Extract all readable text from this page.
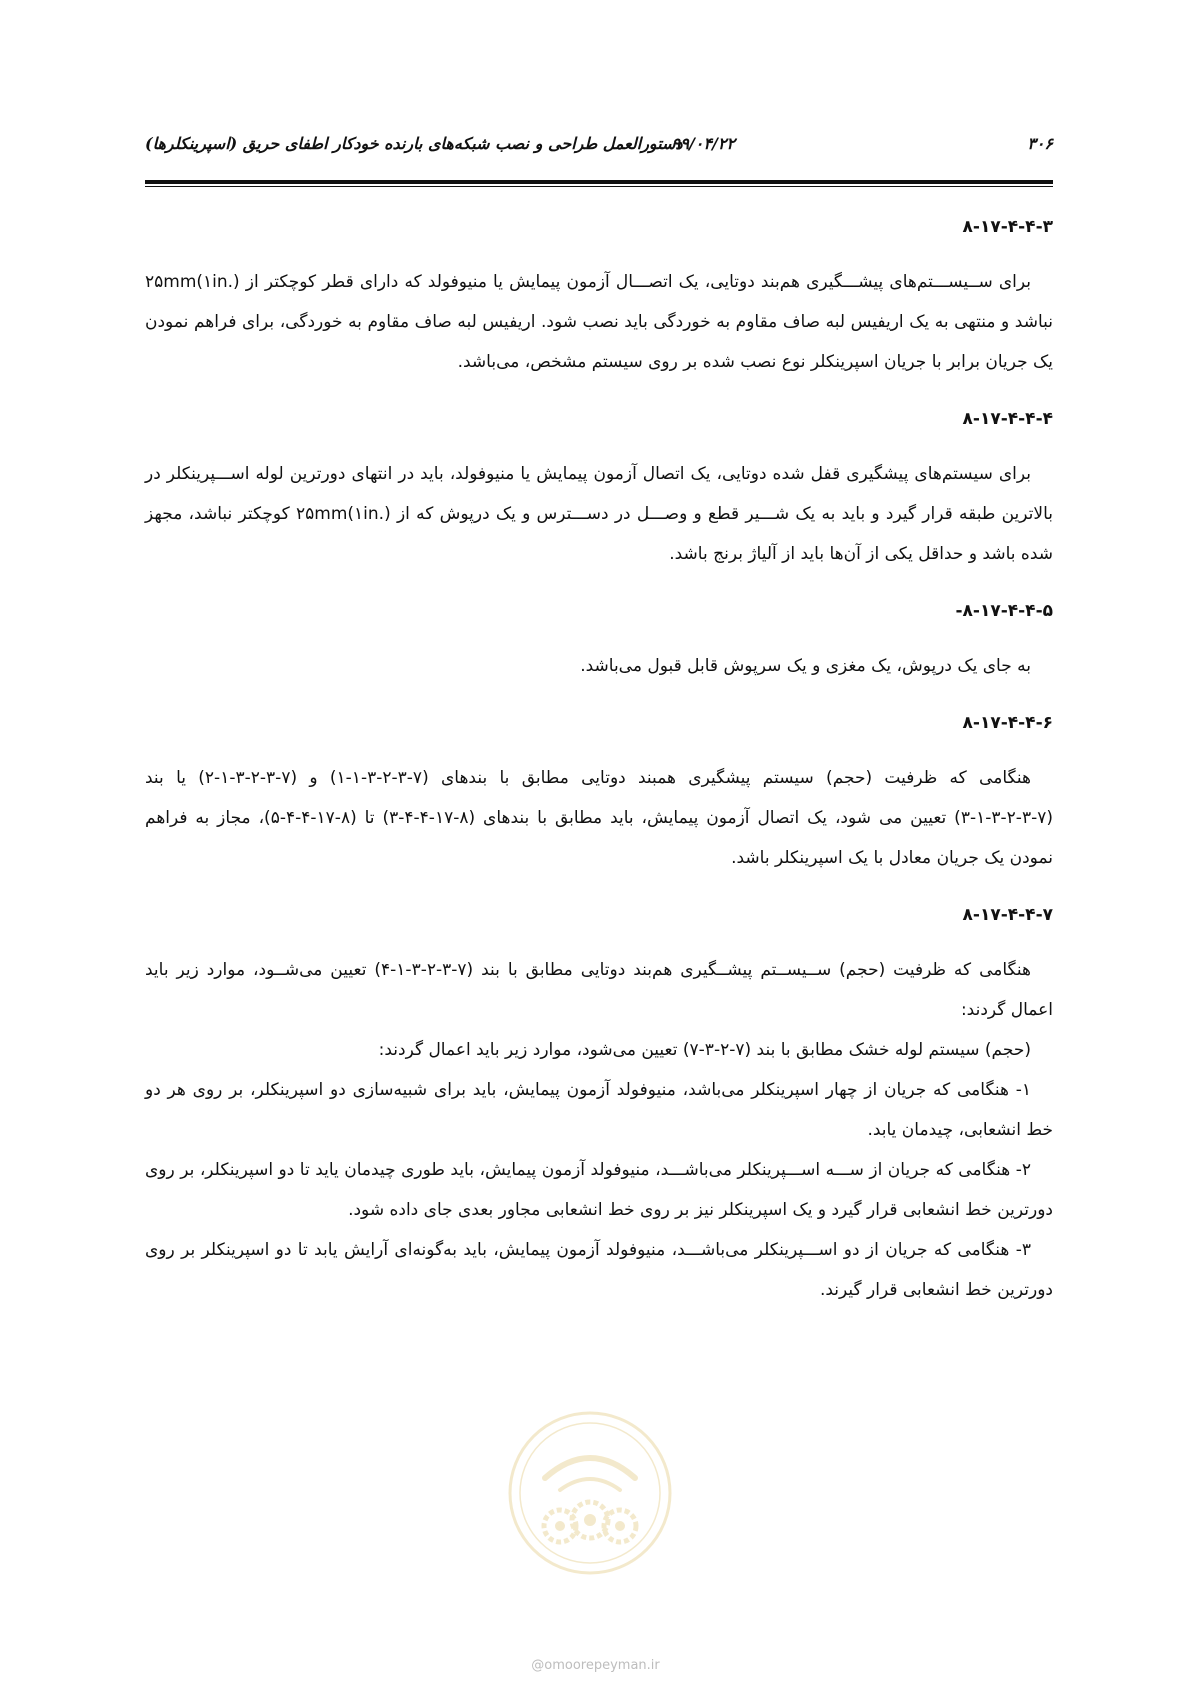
۳۰۶
۹۹/۰۴/۲۲
دستورالعمل طراحی و نصب شبکه‌های بارنده خودکار اطفای حریق (اسپرینکلرها)
۸-۱۷-۴-۴-۳

برای ســیســـتم‌های پیشـــگیری هم‌بند دوتایی، یک اتصـــال آزمون پیمایش یا منیوفولد که دارای قطر کوچکتر از ۲۵mm(۱in.) نباشد و منتهی به یک اریفیس لبه صاف مقاوم به خوردگی باید نصب شود. اریفیس لبه صاف مقاوم به خوردگی، برای فراهم نمودن یک جریان برابر با جریان اسپرینکلر نوع نصب شده بر روی سیستم مشخص، می‌باشد.

۸-۱۷-۴-۴-۴

برای سیستم‌های پیشگیری قفل شده دوتایی، یک اتصال آزمون پیمایش یا منیوفولد، باید در انتهای دورترین لوله اســـپرینکلر در بالاترین طبقه قرار گیرد و باید به یک شـــیر قطع و وصـــل در دســـترس و یک درپوش که از ۲۵mm(۱in.) کوچکتر نباشد، مجهز شده باشد و حداقل یکی از آن‌ها باید از آلیاژ برنج باشد.

۸-۱۷-۴-۴-۵-

به جای یک درپوش، یک مغزی و یک سرپوش قابل قبول می‌باشد.

۸-۱۷-۴-۴-۶

هنگامی که ظرفیت (حجم) سیستم پیشگیری همبند دوتایی مطابق با بندهای (۷-۳-۲-۳-۱-۱) و (۷-۳-۲-۳-۱-۲) یا بند (۷-۳-۲-۳-۱-۳) تعیین می شود، یک اتصال آزمون پیمایش، باید مطابق با بندهای (۸-۱۷-۴-۴-۳) تا (۸-۱۷-۴-۴-۵)، مجاز به فراهم نمودن یک جریان معادل با یک اسپرینکلر باشد.

۸-۱۷-۴-۴-۷

هنگامی که ظرفیت (حجم) ســیســتم پیشــگیری هم‌بند دوتایی مطابق با بند (۷-۳-۲-۳-۱-۴) تعیین می‌شــود، موارد زیر باید اعمال گردند:

(حجم) سیستم لوله خشک مطابق با بند (۷-۲-۳-۷) تعیین می‌شود، موارد زیر باید اعمال گردند:

۱- هنگامی که جریان از چهار اسپرینکلر می‌باشد، منیوفولد آزمون پیمایش، باید برای شبیه‌سازی دو اسپرینکلر، بر روی هر دو خط انشعابی، چیدمان یابد.

۲- هنگامی که جریان از ســـه اســـپرینکلر می‌باشـــد، منیوفولد آزمون پیمایش، باید طوری چیدمان یاید تا دو اسپرینکلر، بر روی دورترین خط انشعابی قرار گیرد و یک اسپرینکلر نیز بر روی خط انشعابی مجاور بعدی جای داده شود.

۳- هنگامی که جریان از دو اســـپرینکلر می‌باشـــد، منیوفولد آزمون پیمایش، باید به‌گونه‌ای آرایش یابد تا دو اسپرینکلر بر روی دورترین خط انشعابی قرار گیرند.

@omoorepeyman.ir
